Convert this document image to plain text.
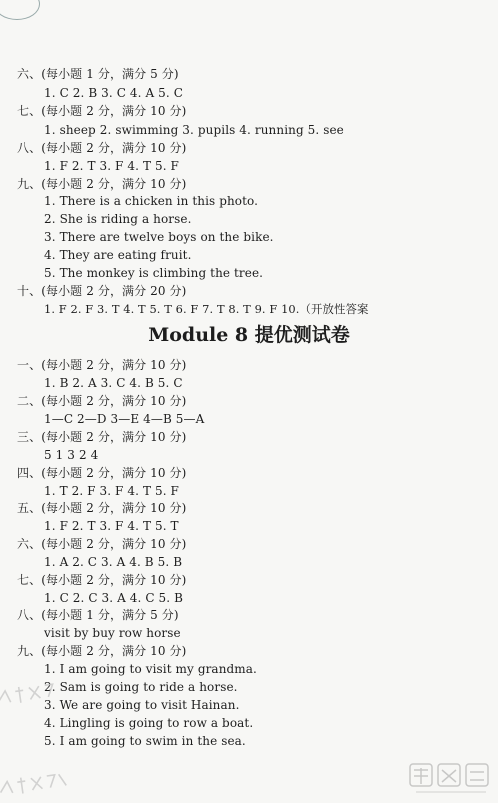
六、(每小题 1 分，满分 5 分)
1. C 2. B 3. C 4. A 5. C
七、(每小题 2 分，满分 10 分)
1. sheep 2. swimming 3. pupils 4. running 5. see
八、(每小题 2 分，满分 10 分)
1. F 2. T 3. F 4. T 5. F
九、(每小题 2 分，满分 10 分)
1. There is a chicken in this photo.
2. She is riding a horse.
3. There are twelve boys on the bike.
4. They are eating fruit.
5. The monkey is climbing the tree.
十、(每小题 2 分，满分 20 分)
1. F 2. F 3. T 4. T 5. T 6. F 7. T 8. T 9. F 10.（开放性答案
Module 8 提优测试卷
一、(每小题 2 分，满分 10 分)
1. B 2. A 3. C 4. B 5. C
二、(每小题 2 分，满分 10 分)
1—C 2—D 3—E 4—B 5—A
三、(每小题 2 分，满分 10 分)
5 1 3 2 4
四、(每小题 2 分，满分 10 分)
1. T 2. F 3. F 4. T 5. F
五、(每小题 2 分，满分 10 分)
1. F 2. T 3. F 4. T 5. T
六、(每小题 2 分，满分 10 分)
1. A 2. C 3. A 4. B 5. B
七、(每小题 2 分，满分 10 分)
1. C 2. C 3. A 4. C 5. B
八、(每小题 1 分，满分 5 分)
visit by buy row horse
九、(每小题 2 分，满分 10 分)
1. I am going to visit my grandma.
2. Sam is going to ride a horse.
3. We are going to visit Hainan.
4. Lingling is going to row a boat.
5. I am going to swim in the sea.
